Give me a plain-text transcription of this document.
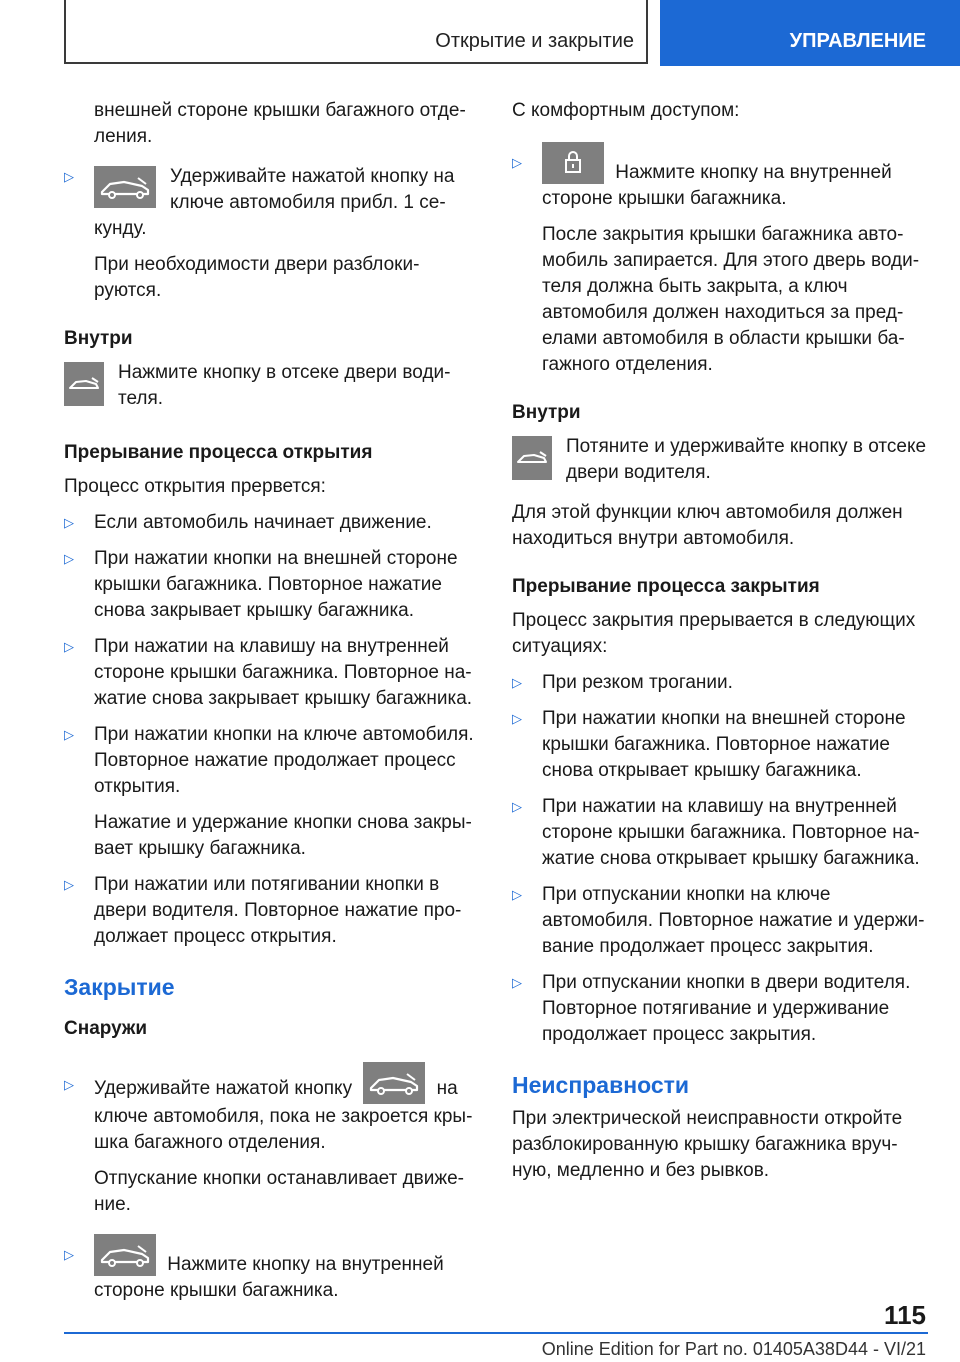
Открытие и закрытие	УПРАВЛЕНИЕ

внешней стороне крышки багажного отделения.

▷	Удерживайте нажатой кнопку на ключе автомобиля прибл. 1 секунду.

При необходимости двери разблокируются.

Внутри
Нажмите кнопку в отсеке двери водителя.
Прерывание процесса открытия

Процесс открытия прервется:

▷ Если автомобиль начинает движение.
▷ При нажатии кнопки на внешней стороне крышки багажника. Повторное нажатие снова закрывает крышку багажника.
▷ При нажатии на клавишу на внутренней стороне крышки багажника. Повторное нажатие снова закрывает крышку багажника.
▷ При нажатии кнопки на ключе автомобиля. Повторное нажатие продолжает процесс открытия.

Нажатие и удержание кнопки снова закрывает крышку багажника.

▷ При нажатии или потягивании кнопки в двери водителя. Повторное нажатие продолжает процесс открытия.
Закрытие
Снаружи
▷ Удерживайте нажатой кнопку	на ключе автомобиля, пока не закроется крышка багажного отделения.

Отпускание кнопки останавливает движение.

▷	Нажмите кнопку на внутренней стороне крышки багажника.

С комфортным доступом:

▷	Нажмите кнопку на внутренней стороне крышки багажника.

После закрытия крышки багажника автомобиль запирается. Для этого дверь водителя должна быть закрыта, а ключ автомобиля должен находиться за пределами автомобиля в области крышки багажного отделения.

Внутри
Потяните и удерживайте кнопку в отсеке двери водителя.

Для этой функции ключ автомобиля должен находиться внутри автомобиля.

Прерывание процесса закрытия

Процесс закрытия прерывается в следующих ситуациях:

▷ При резком трогании.
▷ При нажатии кнопки на внешней стороне крышки багажника. Повторное нажатие снова открывает крышку багажника.
▷ При нажатии на клавишу на внутренней стороне крышки багажника. Повторное нажатие снова открывает крышку багажника.
▷ При отпускании кнопки на ключе автомобиля. Повторное нажатие и удерживание продолжает процесс закрытия.
▷ При отпускании кнопки в двери водителя. Повторное потягивание и удерживание продолжает процесс закрытия.
Неисправности

При электрической неисправности откройте разблокированную крышку багажника вручную, медленно и без рывков.

115
Online Edition for Part no. 01405A38D44 - VI/21
